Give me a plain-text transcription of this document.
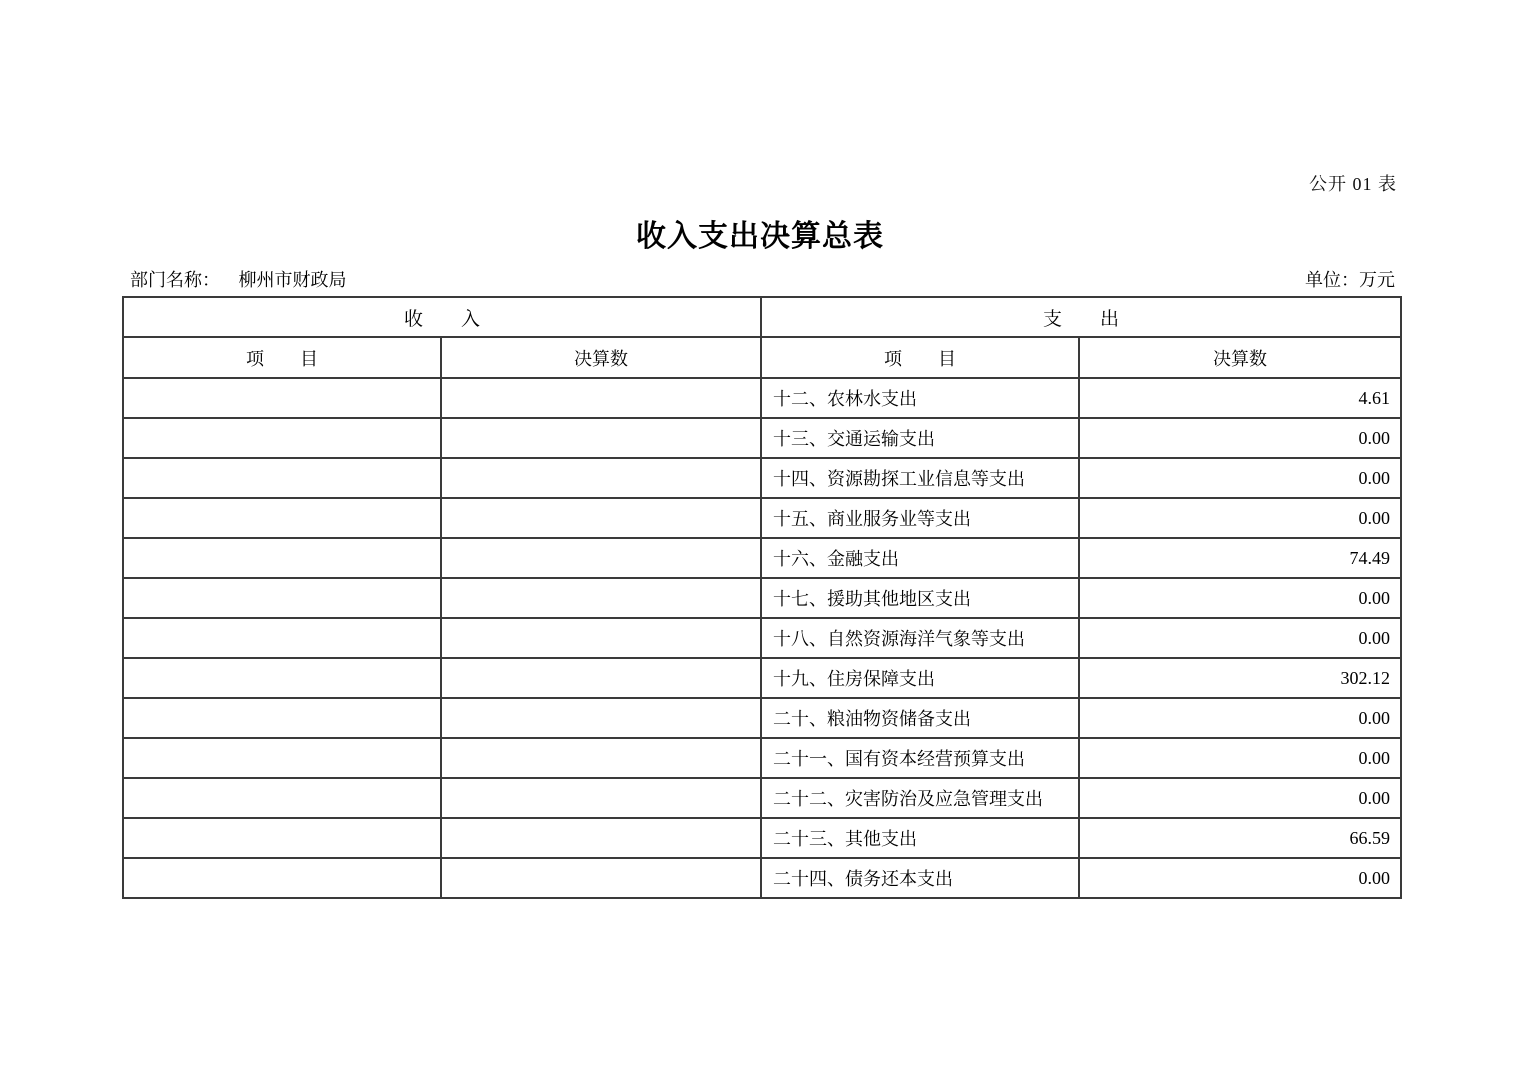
公开 01 表
收入支出决算总表
部门名称： 柳州市财政局	单位：万元
收　　入		支　　出	
项　　目	决算数	项　　目	决算数
		十二、农林水支出	4.61
		十三、交通运输支出	0.00
		十四、资源勘探工业信息等支出	0.00
		十五、商业服务业等支出	0.00
		十六、金融支出	74.49
		十七、援助其他地区支出	0.00
		十八、自然资源海洋气象等支出	0.00
		十九、住房保障支出	302.12
		二十、粮油物资储备支出	0.00
		二十一、国有资本经营预算支出	0.00
		二十二、灾害防治及应急管理支出	0.00
		二十三、其他支出	66.59
		二十四、债务还本支出	0.00
